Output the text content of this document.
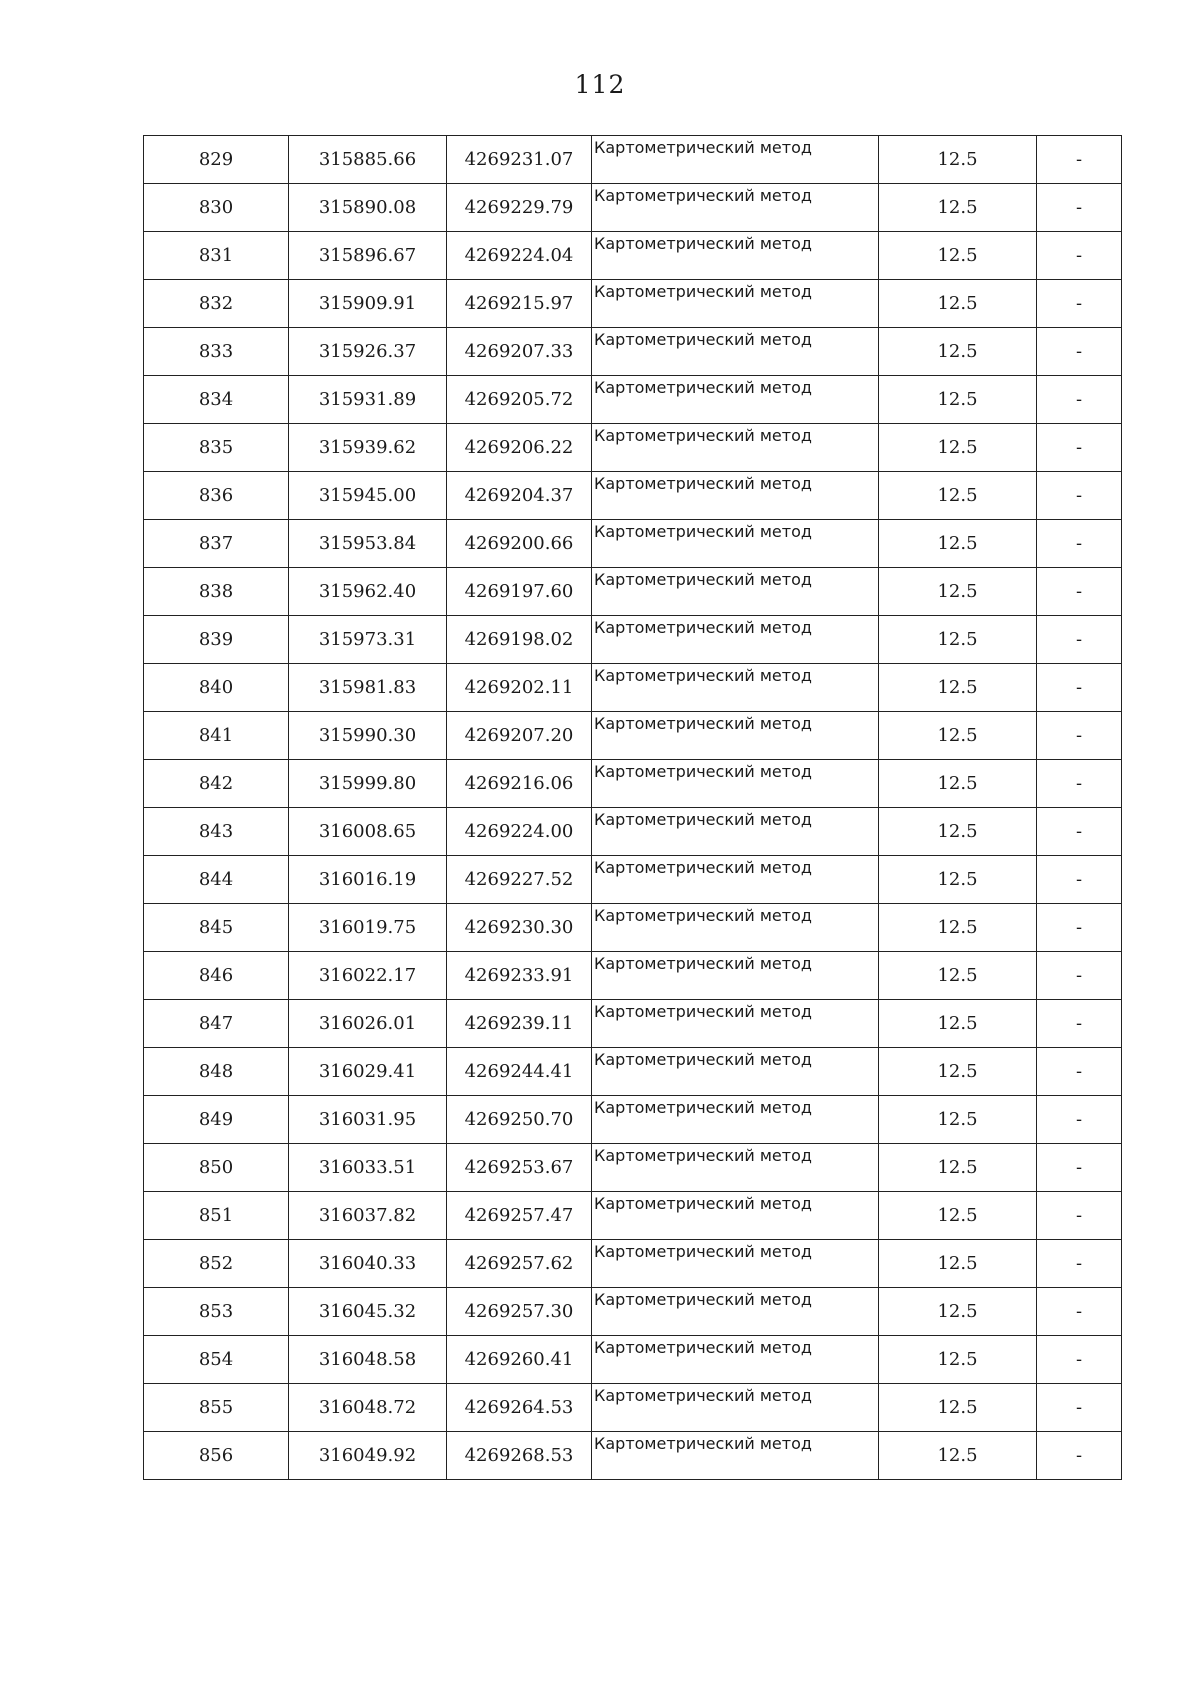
112
829	315885.66	4269231.07	Картометрический метод	12.5	-
830	315890.08	4269229.79	Картометрический метод	12.5	-
831	315896.67	4269224.04	Картометрический метод	12.5	-
832	315909.91	4269215.97	Картометрический метод	12.5	-
833	315926.37	4269207.33	Картометрический метод	12.5	-
834	315931.89	4269205.72	Картометрический метод	12.5	-
835	315939.62	4269206.22	Картометрический метод	12.5	-
836	315945.00	4269204.37	Картометрический метод	12.5	-
837	315953.84	4269200.66	Картометрический метод	12.5	-
838	315962.40	4269197.60	Картометрический метод	12.5	-
839	315973.31	4269198.02	Картометрический метод	12.5	-
840	315981.83	4269202.11	Картометрический метод	12.5	-
841	315990.30	4269207.20	Картометрический метод	12.5	-
842	315999.80	4269216.06	Картометрический метод	12.5	-
843	316008.65	4269224.00	Картометрический метод	12.5	-
844	316016.19	4269227.52	Картометрический метод	12.5	-
845	316019.75	4269230.30	Картометрический метод	12.5	-
846	316022.17	4269233.91	Картометрический метод	12.5	-
847	316026.01	4269239.11	Картометрический метод	12.5	-
848	316029.41	4269244.41	Картометрический метод	12.5	-
849	316031.95	4269250.70	Картометрический метод	12.5	-
850	316033.51	4269253.67	Картометрический метод	12.5	-
851	316037.82	4269257.47	Картометрический метод	12.5	-
852	316040.33	4269257.62	Картометрический метод	12.5	-
853	316045.32	4269257.30	Картометрический метод	12.5	-
854	316048.58	4269260.41	Картометрический метод	12.5	-
855	316048.72	4269264.53	Картометрический метод	12.5	-
856	316049.92	4269268.53	Картометрический метод	12.5	-
